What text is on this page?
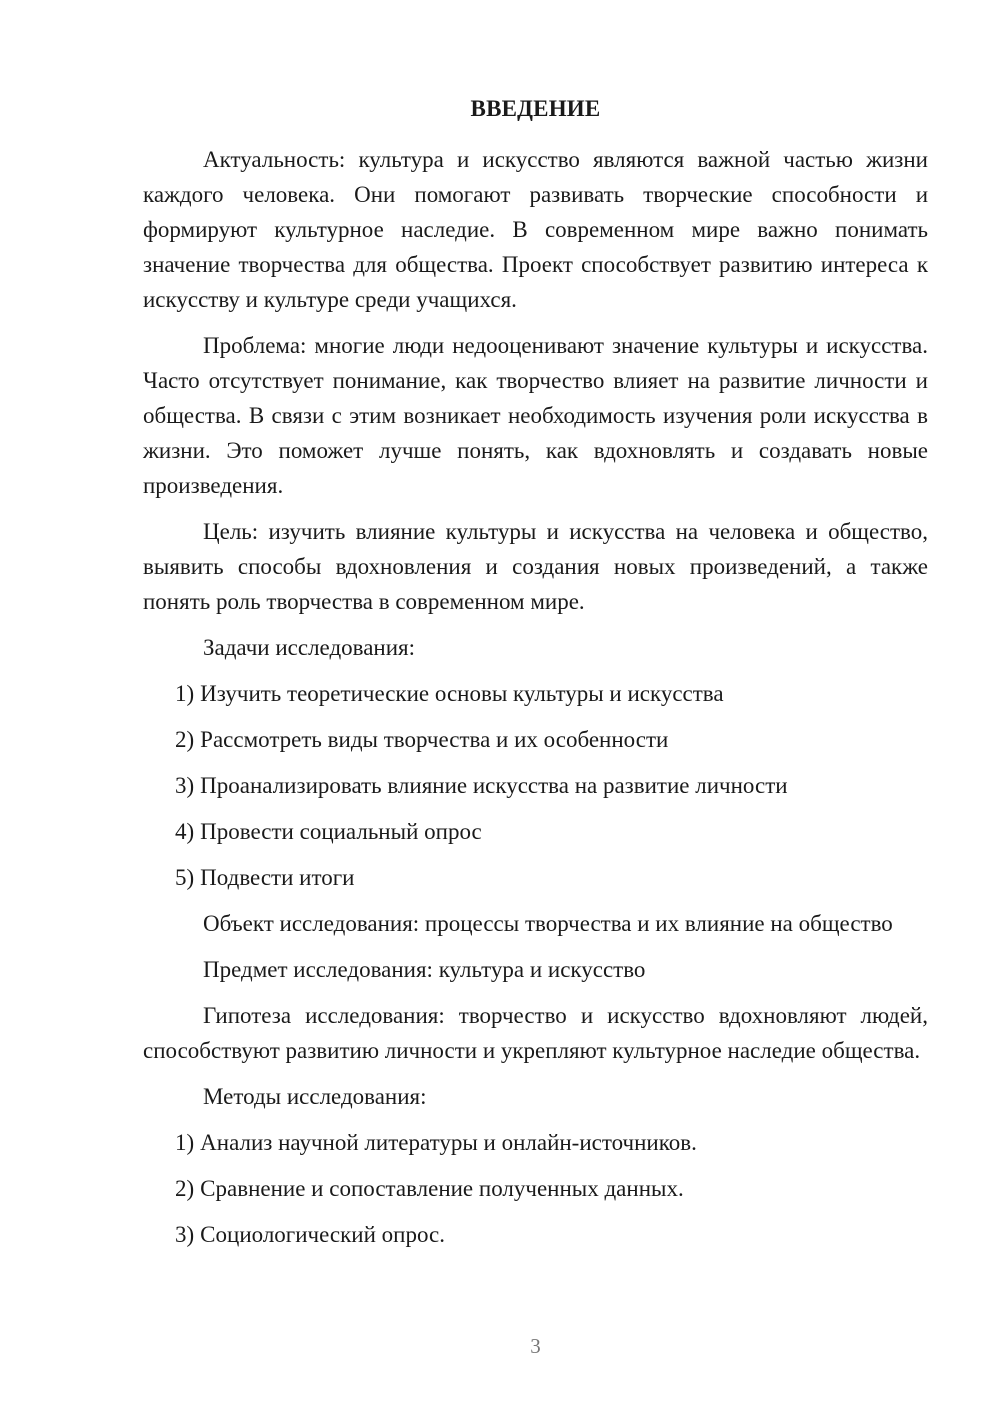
ВВЕДЕНИЕ

Актуальность: культура и искусство являются важной частью жизни каждого человека. Они помогают развивать творческие способности и формируют культурное наследие. В современном мире важно понимать значение творчества для общества. Проект способствует развитию интереса к искусству и культуре среди учащихся.

Проблема: многие люди недооценивают значение культуры и искусства. Часто отсутствует понимание, как творчество влияет на развитие личности и общества. В связи с этим возникает необходимость изучения роли искусства в жизни. Это поможет лучше понять, как вдохновлять и создавать новые произведения.

Цель: изучить влияние культуры и искусства на человека и общество, выявить способы вдохновления и создания новых произведений, а также понять роль творчества в современном мире.

Задачи исследования:

1) Изучить теоретические основы культуры и искусства

2) Рассмотреть виды творчества и их особенности

3) Проанализировать влияние искусства на развитие личности

4) Провести социальный опрос

5) Подвести итоги

Объект исследования: процессы творчества и их влияние на общество

Предмет исследования: культура и искусство

Гипотеза исследования: творчество и искусство вдохновляют людей, способствуют развитию личности и укрепляют культурное наследие общества.

Методы исследования:

1) Анализ научной литературы и онлайн-источников.

2) Сравнение и сопоставление полученных данных.

3) Социологический опрос.

3
